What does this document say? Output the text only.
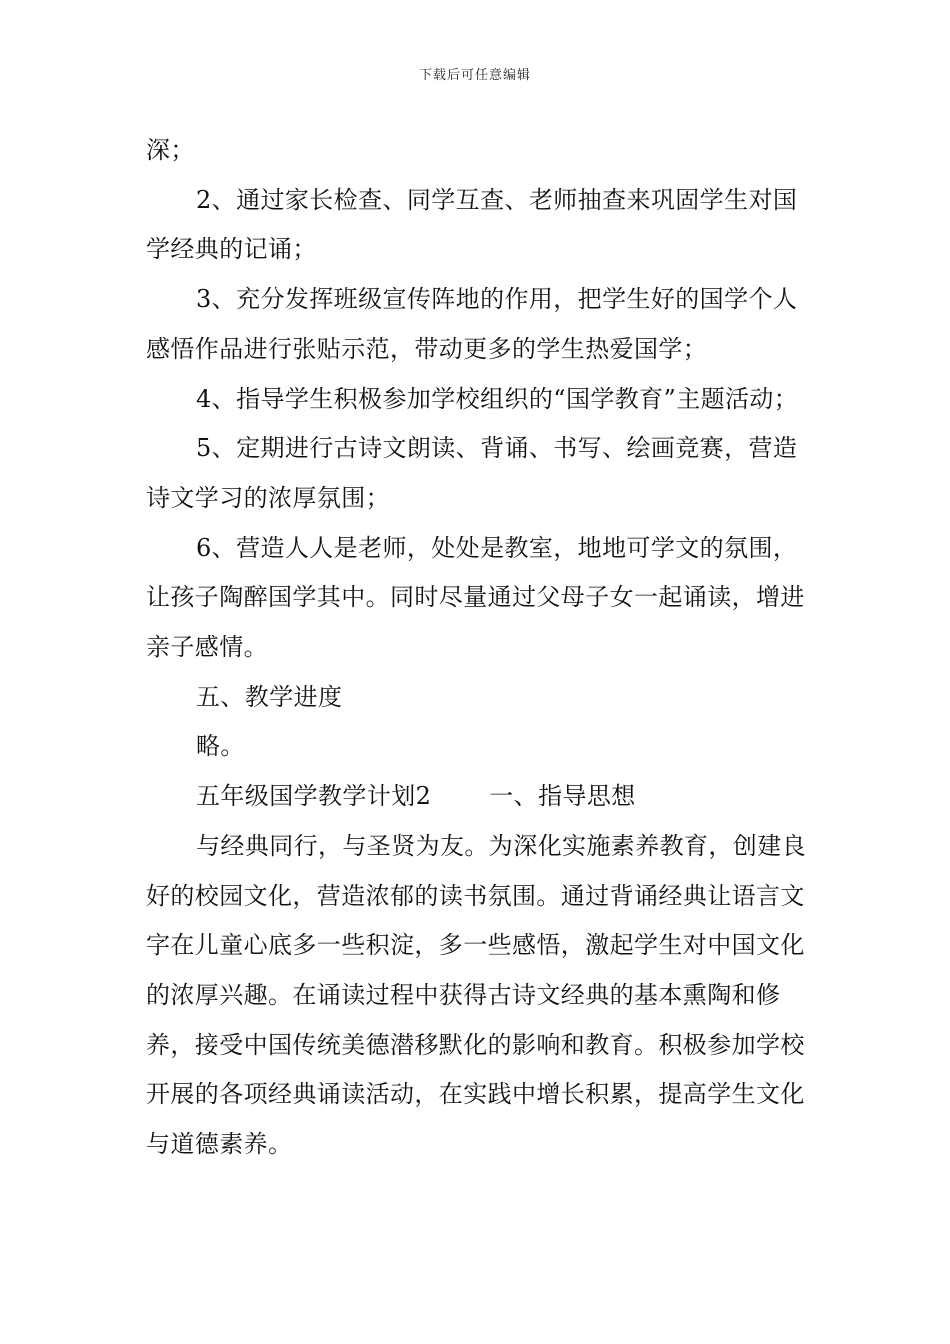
下载后可任意编辑

深；

2、通过家长检查、同学互查、老师抽查来巩固学生对国学经典的记诵；

3、充分发挥班级宣传阵地的作用，把学生好的国学个人感悟作品进行张贴示范，带动更多的学生热爱国学；

4、指导学生积极参加学校组织的“国学教育”主题活动；

5、定期进行古诗文朗读、背诵、书写、绘画竞赛，营造诗文学习的浓厚氛围；

6、营造人人是老师，处处是教室，地地可学文的氛围，让孩子陶醉国学其中。同时尽量通过父母子女一起诵读，增进亲子感情。

五、教学进度

略。

五年级国学教学计划2 一、指导思想

与经典同行，与圣贤为友。为深化实施素养教育，创建良好的校园文化，营造浓郁的读书氛围。通过背诵经典让语言文字在儿童心底多一些积淀，多一些感悟，激起学生对中国文化的浓厚兴趣。在诵读过程中获得古诗文经典的基本熏陶和修养，接受中国传统美德潜移默化的影响和教育。积极参加学校开展的各项经典诵读活动，在实践中增长积累，提高学生文化与道德素养。
